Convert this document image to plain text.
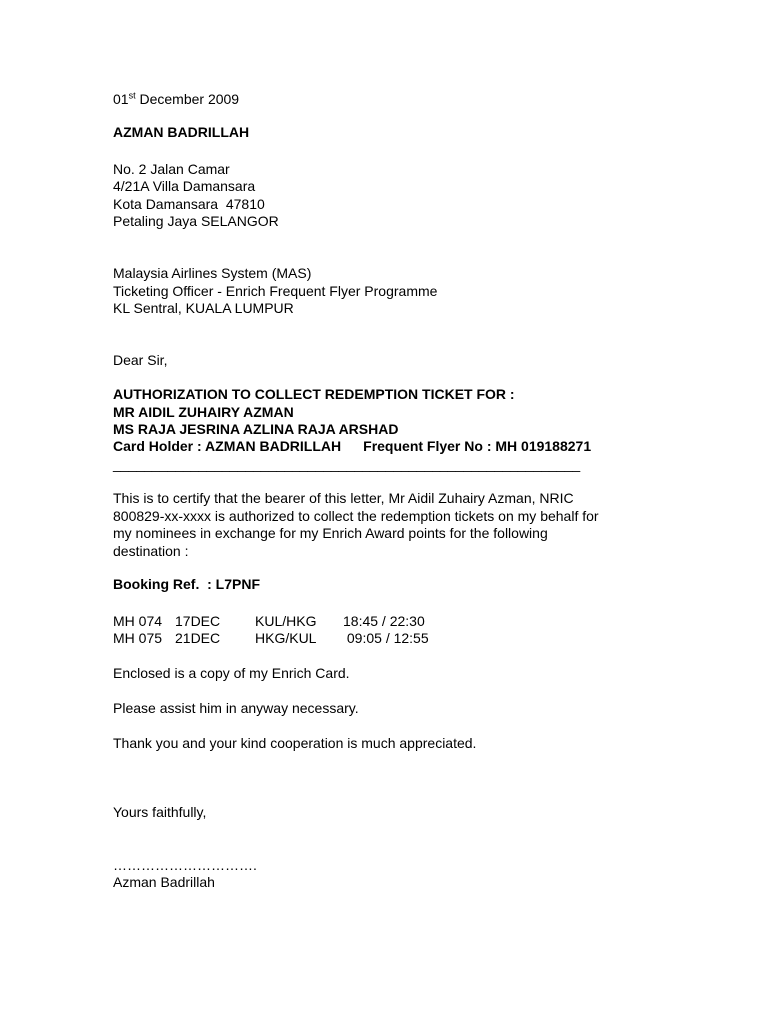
01st December 2009
AZMAN BADRILLAH
No. 2 Jalan Camar
4/21A Villa Damansara
Kota Damansara  47810
Petaling Jaya SELANGOR
Malaysia Airlines System (MAS)
Ticketing Officer - Enrich Frequent Flyer Programme
KL Sentral, KUALA LUMPUR
Dear Sir,
AUTHORIZATION TO COLLECT REDEMPTION TICKET FOR :
MR AIDIL ZUHAIRY AZMAN
MS RAJA JESRINA AZLINA RAJA ARSHAD
Card Holder : AZMAN BADRILLAH Frequent Flyer No : MH 019188271
____________________________________________________________
This is to certify that the bearer of this letter, Mr Aidil Zuhairy Azman, NRIC
800829-xx-xxxx is authorized to collect the redemption tickets on my behalf for
my nominees in exchange for my Enrich Award points for the following
destination :
Booking Ref.  : L7PNF
MH 074 17DEC KUL/HKG 18:45 / 22:30
MH 075 21DEC HKG/KUL 09:05 / 12:55
Enclosed is a copy of my Enrich Card.
Please assist him in anyway necessary.
Thank you and your kind cooperation is much appreciated.
Yours faithfully,
………………………….
Azman Badrillah
